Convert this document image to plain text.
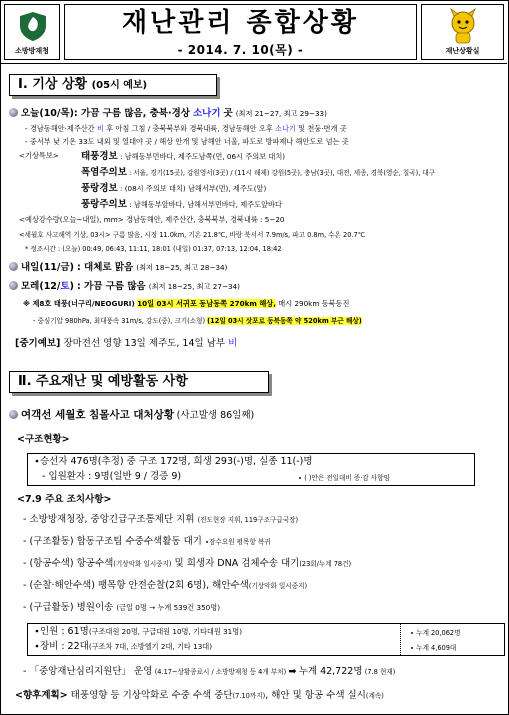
소방방재청
재난관리 종합상황
- 2014. 7. 10(목) -	재난상황실
Ⅰ. 기상 상황 (05시 예보)
오늘(10/목): 가끔 구름 많음, 충북·경상 소나기 곳 (최저 21~27, 최고 29~33)
- 경남동해안·제주산간 비 후 아침 그침 / 충북북부와 경북내륙, 경남동해안 오후 소나기 및 천둥·번개 곳
- 중서부 낮 기온 33도 내외 및 열대야 곳 / 해상 안개 및 남해안 너울, 파도로 방파제나 해안도로 넘는 곳
<기상특보> 태풍경보 : 남해동부먼바다, 제주도남쪽(먼, 06시 주의보 대치)
폭염주의보 : 서울, 경기(15곳), 강원영서(3곳) / (11시 해제) 강원(5곳), 충남(3곳), 대전, 세종, 경북(영순, 칠곡), 대구
풍랑경보 : (08시 주의보 대치) 남해서부(먼), 제주도(앞)
풍랑주의보 : 남해동부앞바다, 남해서부먼바다, 제주도앞바다
<예상강수량(오늘~내일), mm> 경남동해안, 제주산간, 충북북부, 경북내륙 : 5~20
<세월호 사고해역 기상, 03시> 구름 많음, 시정 11.0km, 기온 21.8℃, 바람 북서서 7.9m/s, 파고 0.8m, 수온 20.7℃
* 정조시간 : (오늘) 00:49, 06:43, 11:11, 18:01 (내일) 01:37, 07:13, 12:04, 18:42
내일(11/금) : 대체로 맑음 (최저 18~25, 최고 28~34)
모레(12/토) : 가끔 구름 많음 (최저 18~25, 최고 27~34)
※ 제8호 태풍(너구리/NEOGURI) 10일 03시 서귀포 동남동쪽 270km 해상, 매시 290km 동북동진
- 중심기압 980hPa, 최대풍속 31m/s, 강도(중), 크기(소형) (12일 03시 삿포로 동북동쪽 약 520km 부근 해상)
[중기예보] 장마전선 영향 13일 제주도, 14일 남부 비
Ⅱ. 주요재난 및 예방활동 사항
여객선 세월호 침몰사고 대처상황 (사고발생 86일째)
<구조현황>
∙승선자 476명(추정) 중 구조 172명, 희생 293(-)명, 실종 11(-)명
- 입원환자 : 9명(일반 9 / 경증 9)	∙ ( )안은 전일대비 증·감 사항임
<7.9 주요 조치사항>
- 소방방재청장, 중앙긴급구조통제단 지휘 (진도현장 지휘, 119구조구급국장)
- (구조활동) 합동구조팀 수중수색활동 대기 ∙잠수요원 평목항 복귀
- (항공수색) 항공수색(기상악화 일시중지) 및 희생자 DNA 검체수송 대기(23회/누계 78건)
- (순찰·해안수색) 팽목항 안전순찰(2회 6명), 해안수색(기상악화 일시중지)
- (구급활동) 병원이송 (금일 0명 → 누계 539건 350명)
∙인원 : 61명(구조대원 20명, 구급대원 10명, 기타대원 31명)	∙ 누계 20,062명
∙장비 : 22대(구조차 7대, 소방헬기 2대, 기타 13대)	∙ 누계 4,609대
- 「중앙재난심리지원단」 운영 (4.17~상황종료시 / 소방방재청 등 4개 부처) ➡ 누계 42,722명 (7.8 현재)
<향후계획> 태풍영향 등 기상악화로 수중 수색 중단(7.10까지), 해안 및 항공 수색 실시(계속)
